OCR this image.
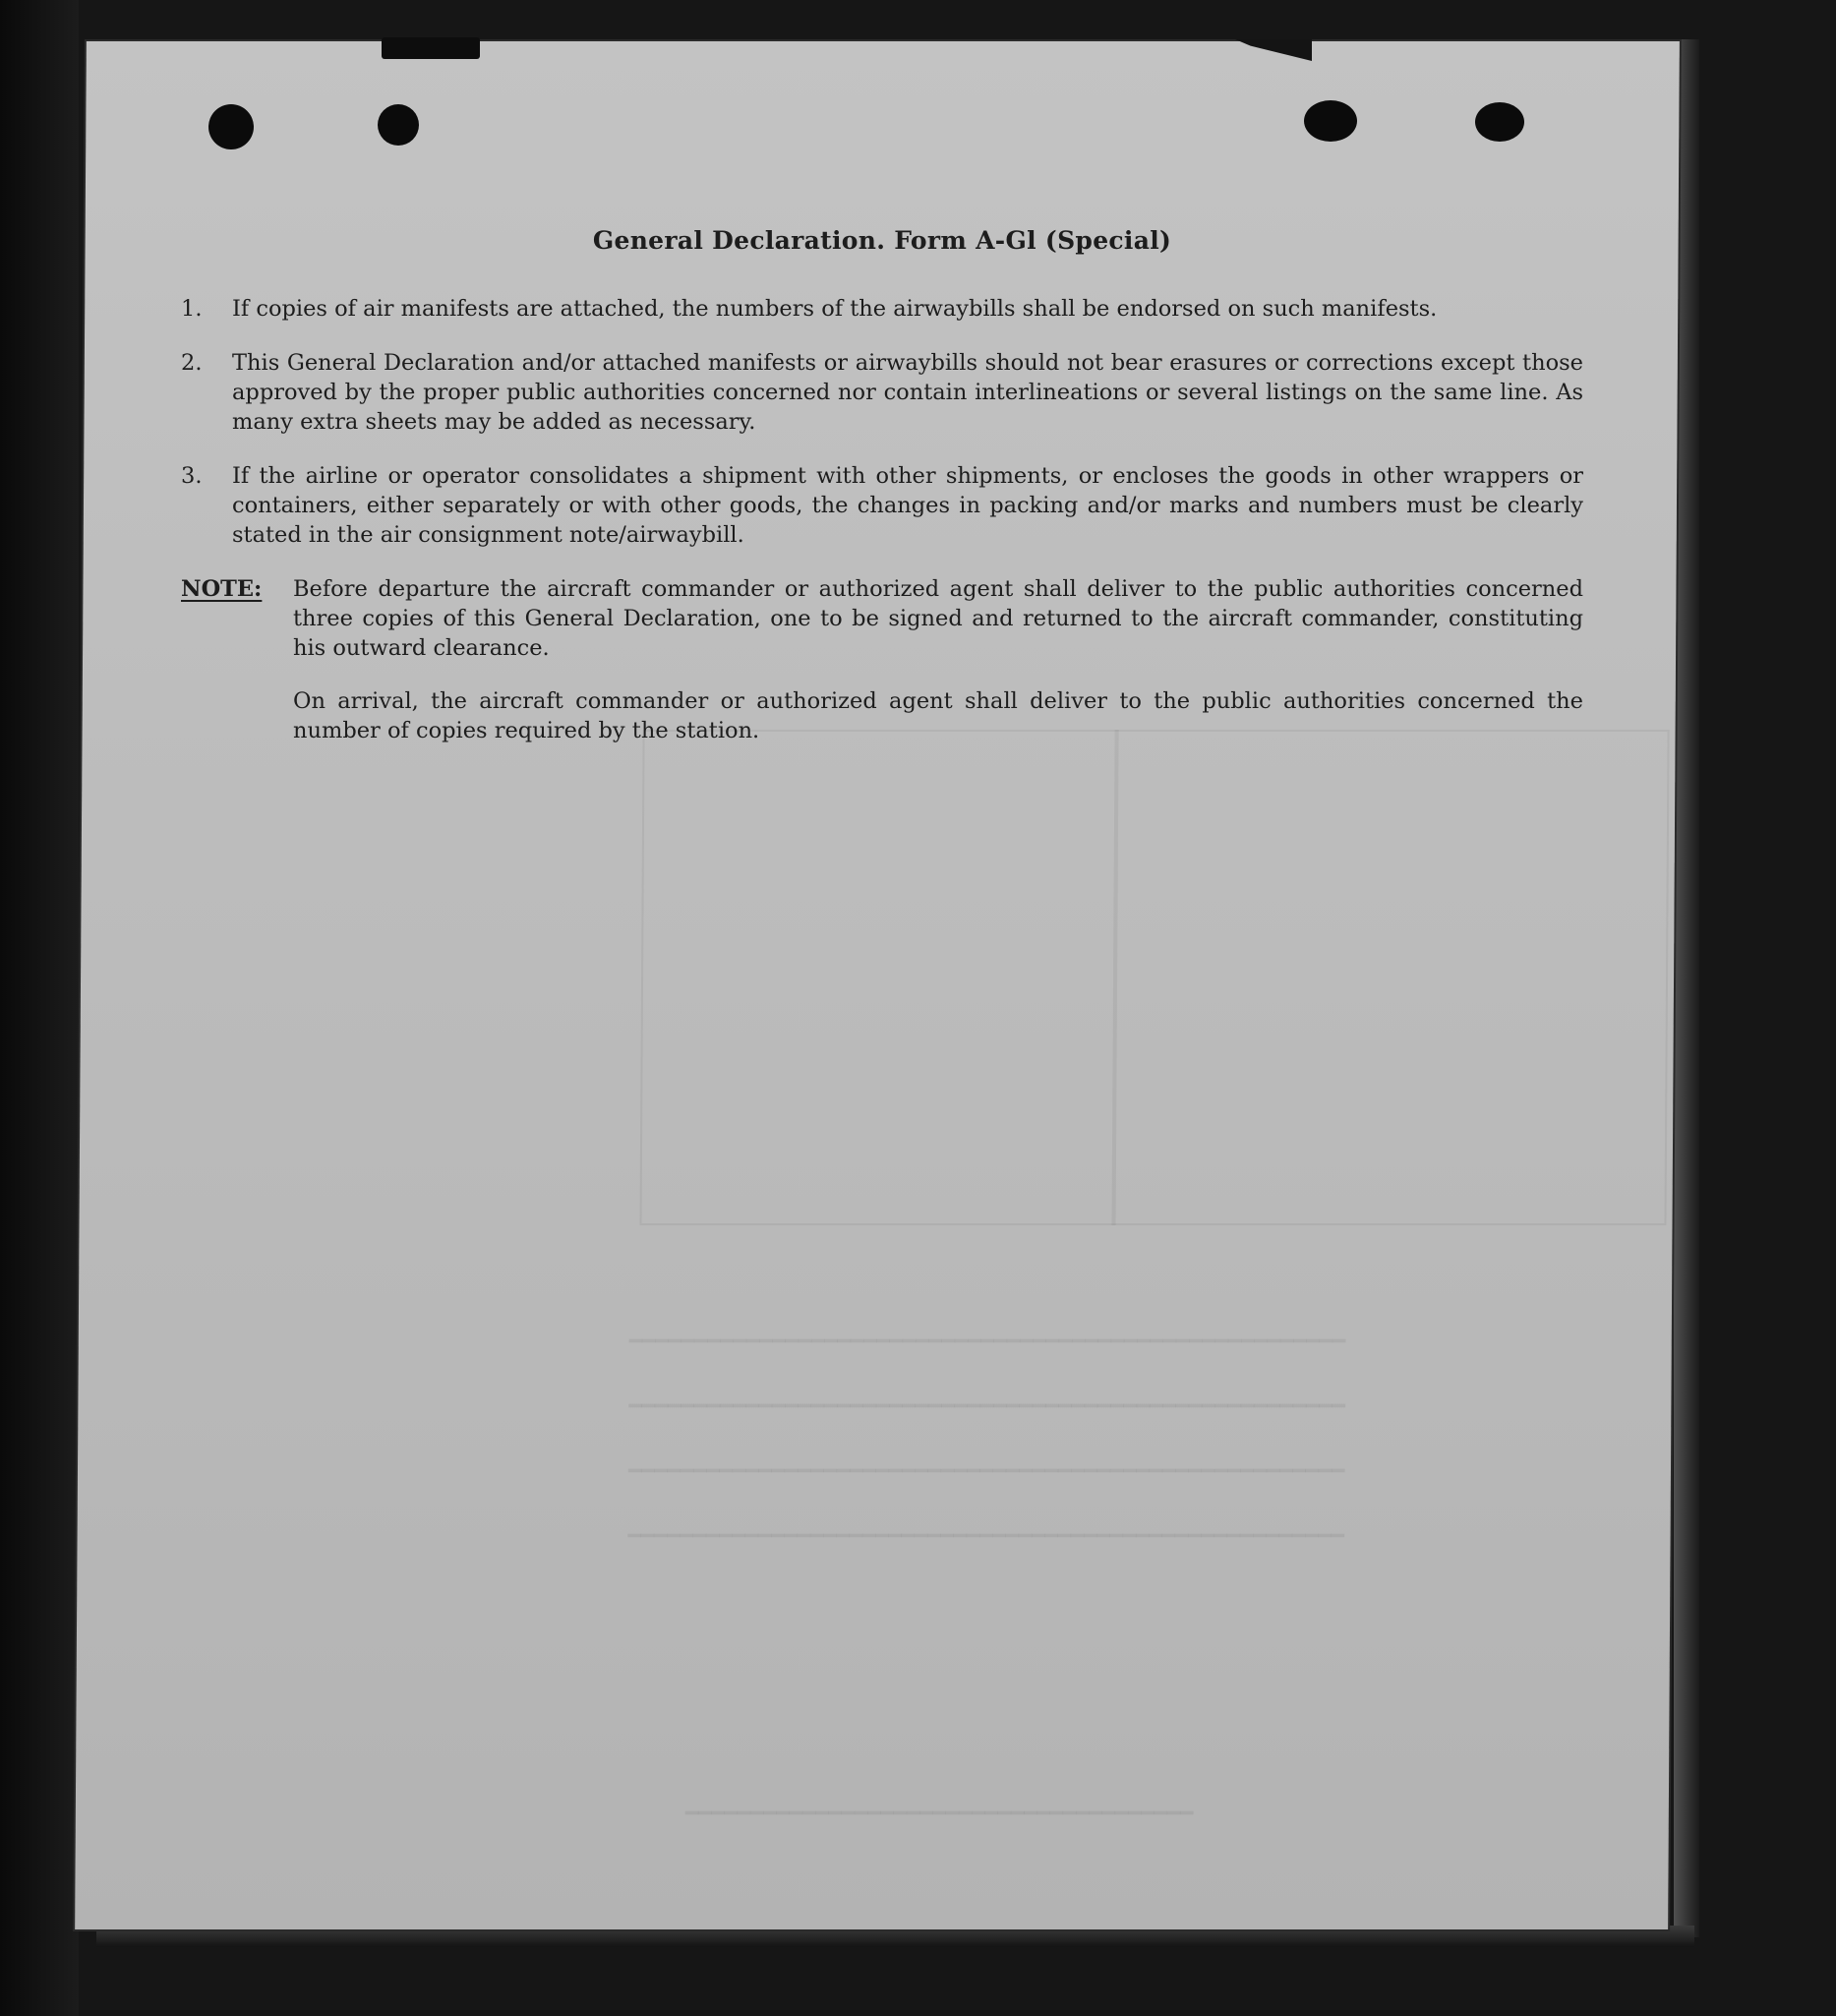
━━━━━━━━━━━━━━━━━━━━━━━━━━━━━━━━━━━━━━━━━━━━━━━━━━━━━━━
━━━━━━━━━━━━━━━━━━━━━━━━━━━━━━━━━━━━━━━━━━━━━━━━━━━━━━━
━━━━━━━━━━━━━━━━━━━━━━━━━━━━━━━━━━━━━━━━━━━━━━━━━━━━━━━
━━━━━━━━━━━━━━━━━━━━━━━━━━━━━━━━━━━━━━━━━━━━━━━━━━━━━━━
━━━━━━━━━━━━━━━━━━━━━━━━━━━━━━━━━━━━━━━
General Declaration. Form A-Gl (Special)
1.	If copies of air manifests are attached, the numbers of the airwaybills shall be endorsed on such manifests.
2.	This General Declaration and/or attached manifests or airwaybills should not bear erasures or corrections except those approved by the proper public authorities concerned nor contain interlineations or several listings on the same line. As many extra sheets may be added as necessary.
3.	If the airline or operator consolidates a shipment with other shipments, or encloses the goods in other wrappers or containers, either separately or with other goods, the changes in packing and/or marks and numbers must be clearly stated in the air consignment note/airwaybill.
NOTE:	Before departure the aircraft commander or authorized agent shall deliver to the public authorities concerned three copies of this General Declaration, one to be signed and returned to the aircraft commander, constituting his outward clearance.

On arrival, the aircraft commander or authorized agent shall deliver to the public authorities concerned the number of copies required by the station.
